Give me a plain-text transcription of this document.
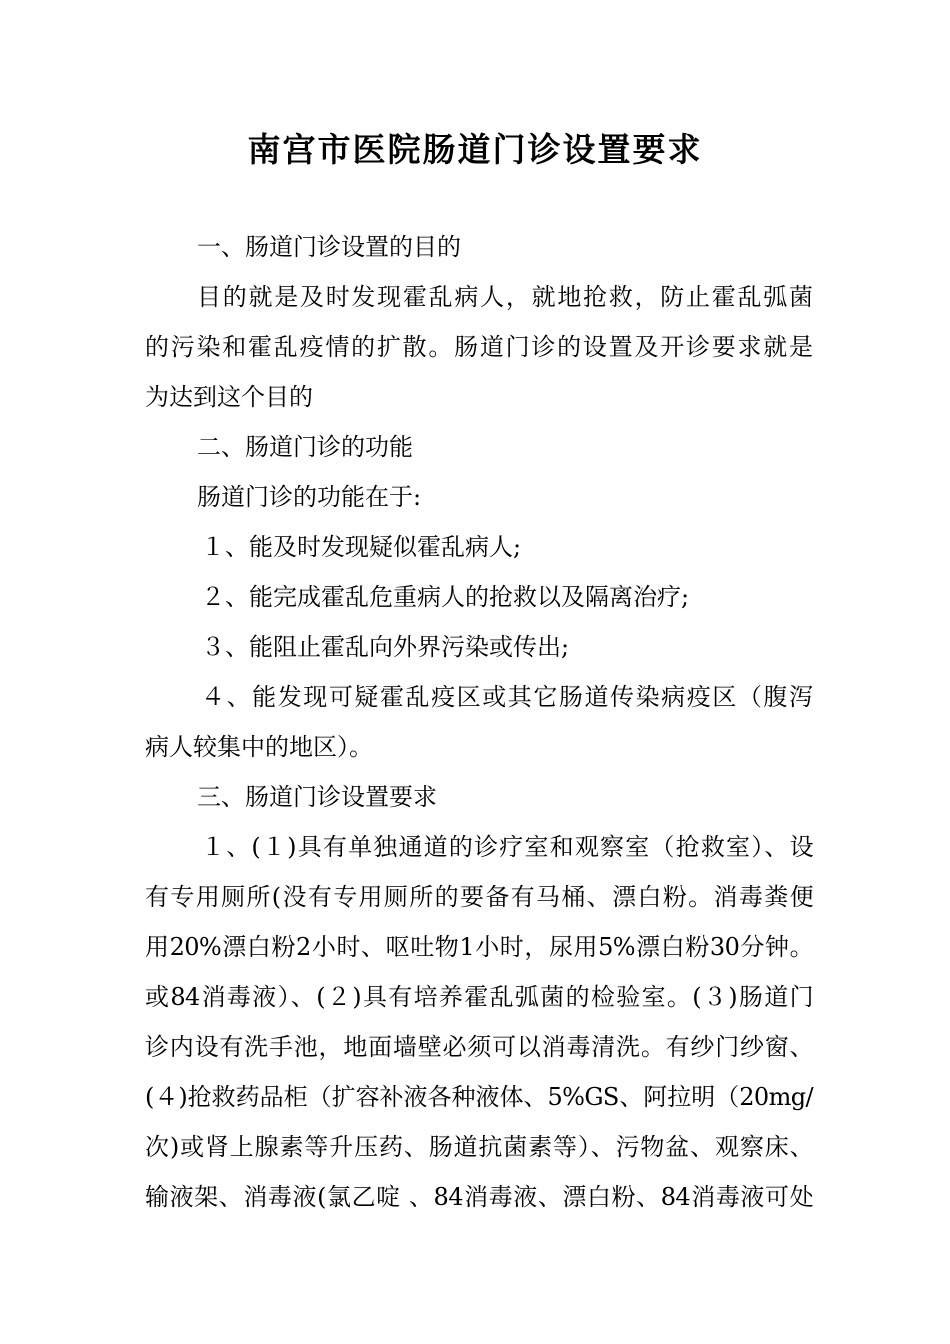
南宫市医院肠道门诊设置要求
一、肠道门诊设置的目的
目的就是及时发现霍乱病人，就地抢救，防止霍乱弧菌
的污染和霍乱疫情的扩散。肠道门诊的设置及开诊要求就是
为达到这个目的
二、肠道门诊的功能
肠道门诊的功能在于:
１、能及时发现疑似霍乱病人;
２、能完成霍乱危重病人的抢救以及隔离治疗;
３、能阻止霍乱向外界污染或传出;
４、能发现可疑霍乱疫区或其它肠道传染病疫区（腹泻
病人较集中的地区）。
三、肠道门诊设置要求
１、(１)具有单独通道的诊疗室和观察室（抢救室）、设
有专用厕所(没有专用厕所的要备有马桶、漂白粉。消毒粪便
用20%漂白粉2小时、呕吐物1小时，尿用5%漂白粉30分钟。
或84消毒液）、(２)具有培养霍乱弧菌的检验室。(３)肠道门
诊内设有洗手池，地面墙壁必须可以消毒清洗。有纱门纱窗、
(４)抢救药品柜（扩容补液各种液体、5%GS、阿拉明（20mg/
次)或肾上腺素等升压药、肠道抗菌素等）、污物盆、观察床、
输液架、消毒液(氯乙啶 、84消毒液、漂白粉、84消毒液可处
